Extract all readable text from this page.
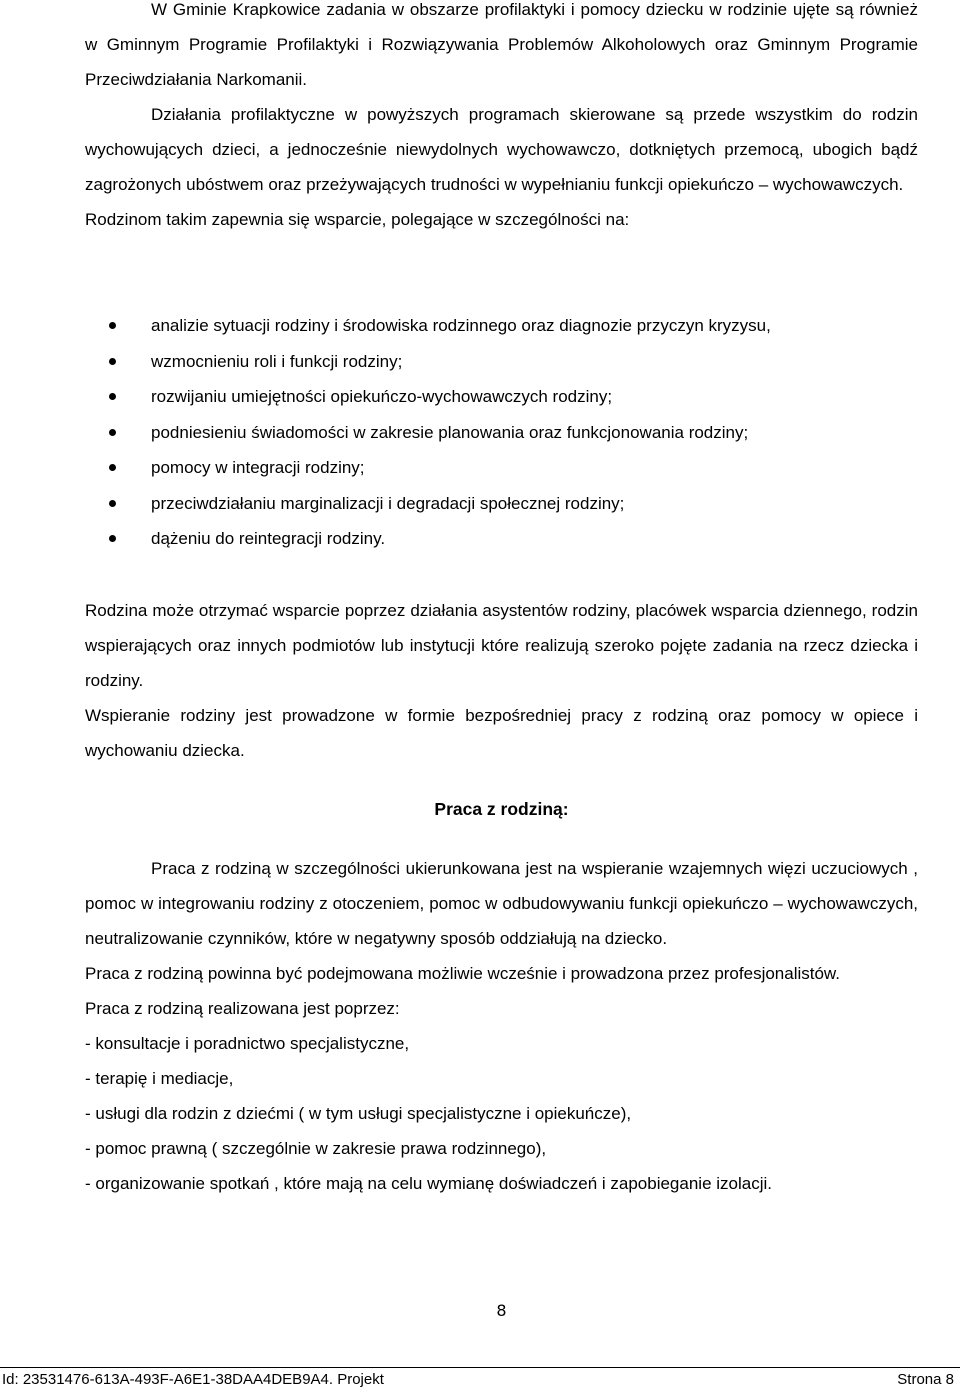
W Gminie Krapkowice zadania w obszarze profilaktyki i pomocy dziecku w rodzinie ujęte są również w Gminnym Programie Profilaktyki i Rozwiązywania Problemów Alkoholowych oraz Gminnym Programie Przeciwdziałania Narkomanii.

Działania profilaktyczne w powyższych programach skierowane są przede wszystkim do rodzin wychowujących dzieci, a jednocześnie niewydolnych wychowawczo, dotkniętych przemocą, ubogich bądź zagrożonych ubóstwem oraz przeżywających trudności w wypełnianiu funkcji opiekuńczo – wychowawczych.

Rodzinom takim zapewnia się wsparcie, polegające w szczególności na:

analizie sytuacji rodziny i środowiska rodzinnego oraz diagnozie przyczyn kryzysu,
wzmocnieniu roli i funkcji rodziny;
rozwijaniu umiejętności opiekuńczo-wychowawczych rodziny;
podniesieniu świadomości w zakresie planowania oraz funkcjonowania rodziny;
pomocy w integracji rodziny;
przeciwdziałaniu marginalizacji i degradacji społecznej rodziny;
dążeniu do reintegracji rodziny.

Rodzina może otrzymać wsparcie poprzez działania asystentów rodziny, placówek wsparcia dziennego, rodzin wspierających oraz innych podmiotów lub instytucji które realizują szeroko pojęte zadania na rzecz dziecka i rodziny.

Wspieranie rodziny jest prowadzone w formie bezpośredniej pracy z rodziną oraz pomocy w opiece i wychowaniu dziecka.

Praca z rodziną:

Praca z rodziną w szczególności ukierunkowana jest na wspieranie wzajemnych więzi uczuciowych , pomoc w integrowaniu rodziny z otoczeniem, pomoc w odbudowywaniu funkcji opiekuńczo – wychowawczych, neutralizowanie czynników, które w negatywny sposób oddziałują na dziecko.

Praca z rodziną powinna być podejmowana możliwie wcześnie i prowadzona przez profesjonalistów.

Praca z rodziną realizowana jest poprzez:

- konsultacje i poradnictwo specjalistyczne,

- terapię i mediacje,

- usługi dla rodzin z dziećmi ( w tym usługi specjalistyczne i opiekuńcze),

- pomoc prawną ( szczególnie w zakresie prawa rodzinnego),

- organizowanie spotkań , które mają na celu wymianę doświadczeń i zapobieganie izolacji.

8
Id: 23531476-613A-493F-A6E1-38DAA4DEB9A4. Projekt	Strona 8
